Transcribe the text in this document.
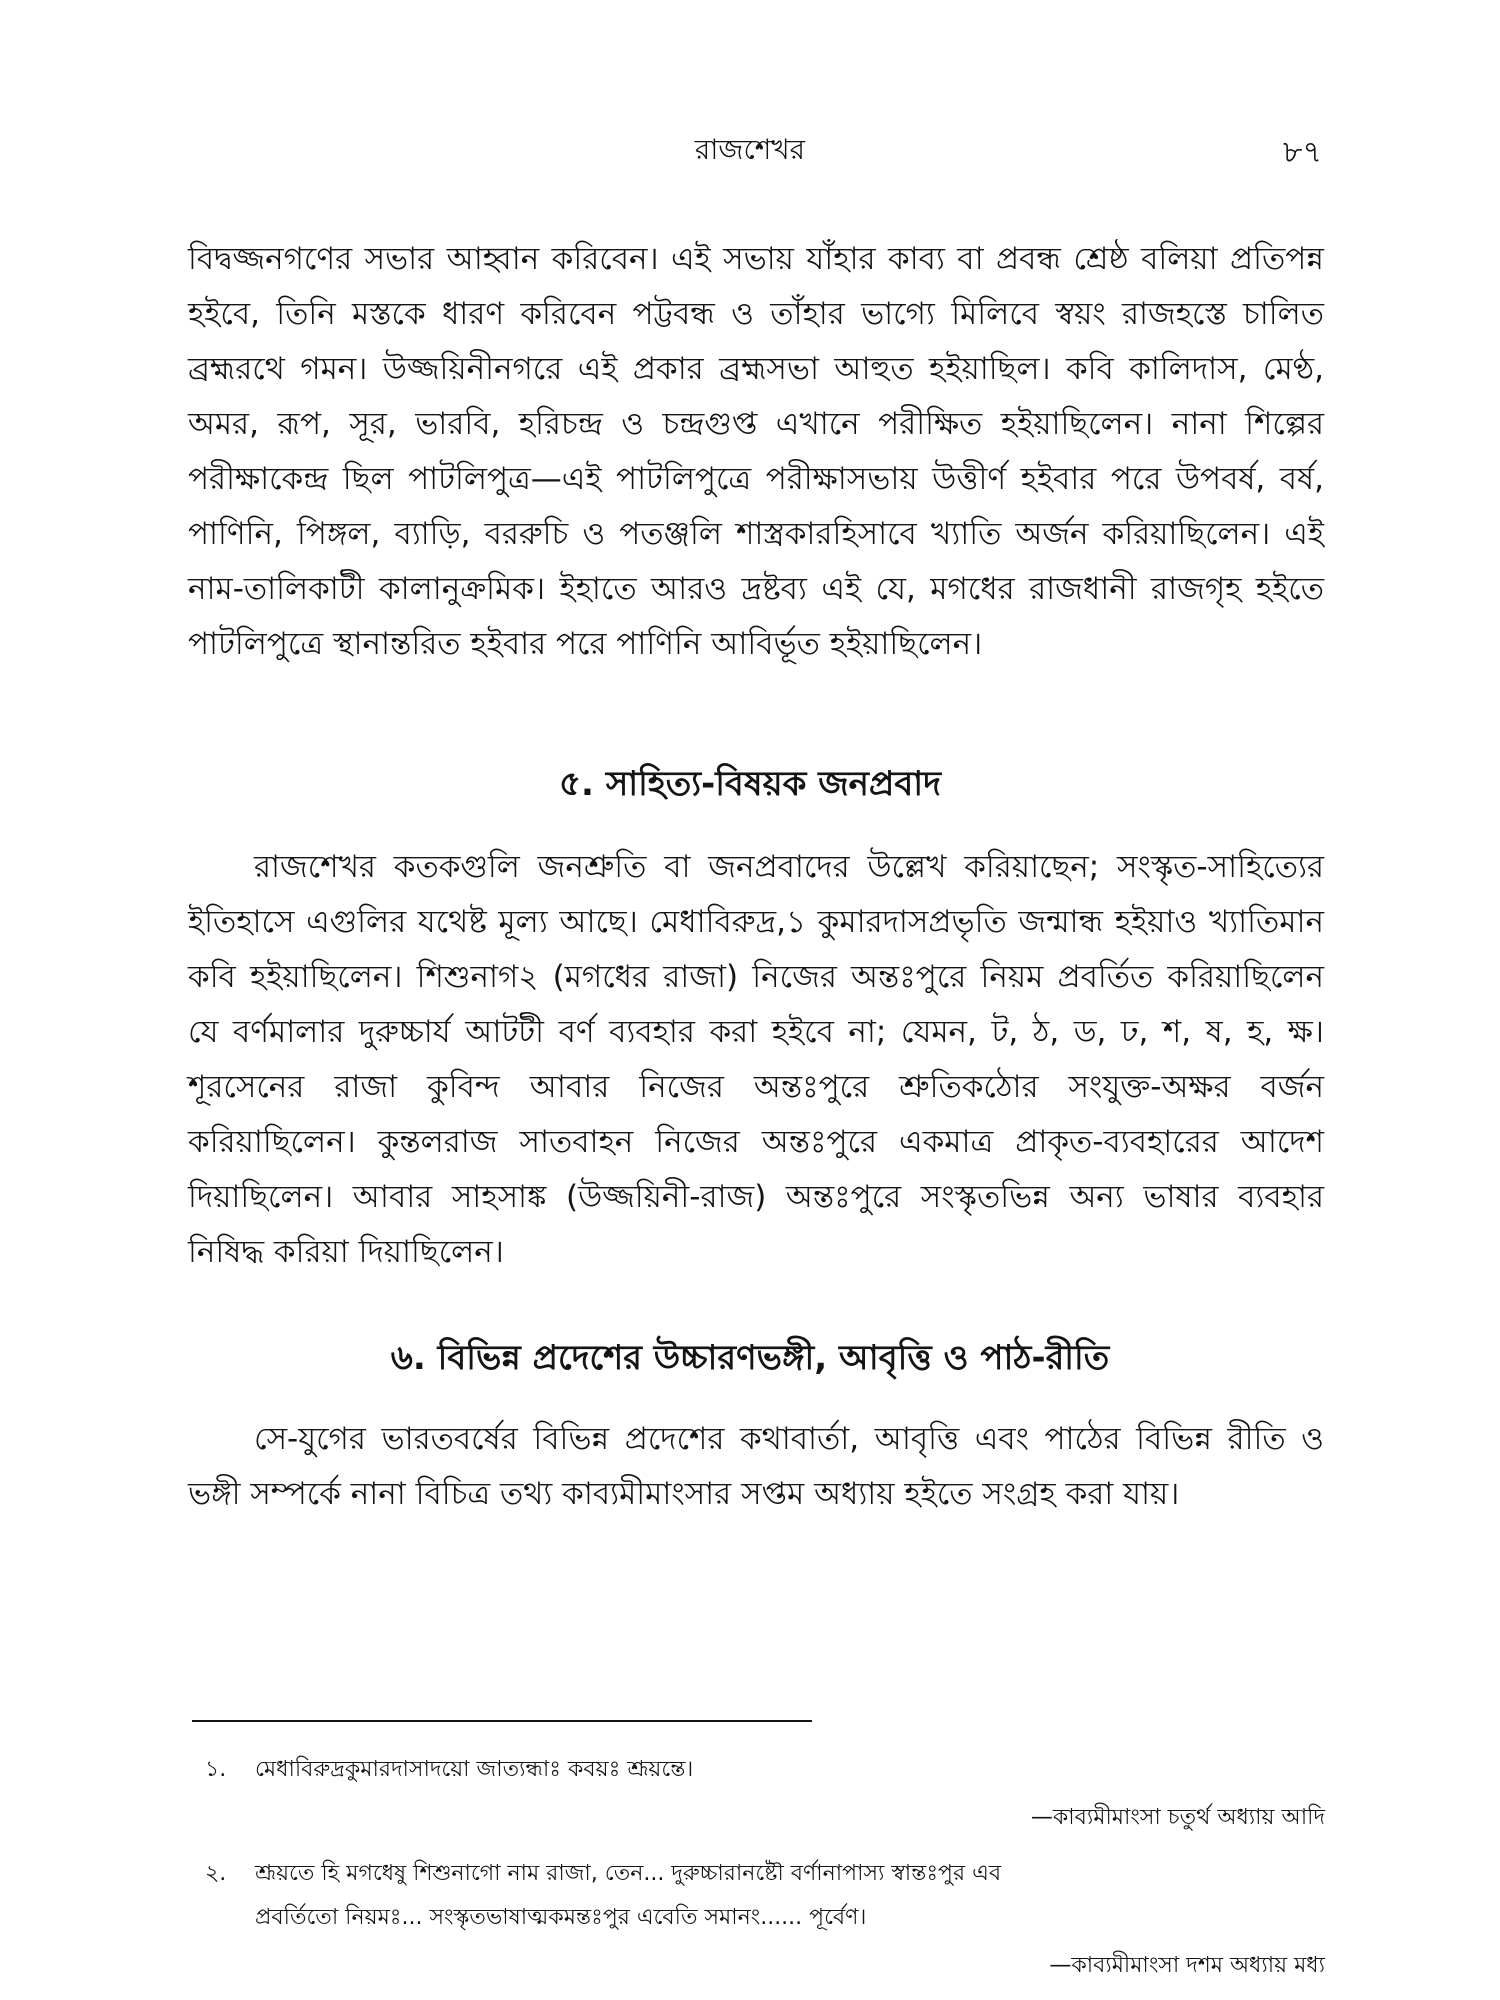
রাজশেখর	৮৭

বিদ্বজ্জনগণের সভার আহ্বান করিবেন। এই সভায় যাঁহার কাব্য বা প্রবন্ধ শ্রেষ্ঠ বলিয়া প্রতিপন্ন হইবে, তিনি মস্তকে ধারণ করিবেন পট্টবন্ধ ও তাঁহার ভাগ্যে মিলিবে স্বয়ং রাজহস্তে চালিত ব্রহ্মরথে গমন। উজ্জয়িনীনগরে এই প্রকার ব্রহ্মসভা আহুত হইয়াছিল। কবি কালিদাস, মেণ্ঠ, অমর, রূপ, সূর, ভারবি, হরিচন্দ্র ও চন্দ্রগুপ্ত এখানে পরীক্ষিত হইয়াছিলেন। নানা শিল্পের পরীক্ষাকেন্দ্র ছিল পাটলিপুত্র—এই পাটলিপুত্রে পরীক্ষাসভায় উত্তীর্ণ হইবার পরে উপবর্ষ, বর্ষ, পাণিনি, পিঙ্গল, ব্যাড়ি, বররুচি ও পতঞ্জলি শাস্ত্রকারহিসাবে খ্যাতি অর্জন করিয়াছিলেন। এই নাম-তালিকাটী কালানুক্রমিক। ইহাতে আরও দ্রষ্টব্য এই যে, মগধের রাজধানী রাজগৃহ হইতে পাটলিপুত্রে স্থানান্তরিত হইবার পরে পাণিনি আবির্ভূত হইয়াছিলেন।

৫. সাহিত্য-বিষয়ক জনপ্রবাদ

রাজশেখর কতকগুলি জনশ্রুতি বা জনপ্রবাদের উল্লেখ করিয়াছেন; সংস্কৃত-সাহিত্যের ইতিহাসে এগুলির যথেষ্ট মূল্য আছে। মেধাবিরুদ্র,১ কুমারদাসপ্রভৃতি জন্মান্ধ হইয়াও খ্যাতিমান কবি হইয়াছিলেন। শিশুনাগ২ (মগধের রাজা) নিজের অন্তঃপুরে নিয়ম প্রবর্তিত করিয়াছিলেন যে বর্ণমালার দুরুচ্চার্য আটটী বর্ণ ব্যবহার করা হইবে না; যেমন, ট, ঠ, ড, ঢ, শ, ষ, হ, ক্ষ। শূরসেনের রাজা কুবিন্দ আবার নিজের অন্তঃপুরে শ্রুতিকঠোর সংযুক্ত-অক্ষর বর্জন করিয়াছিলেন। কুন্তলরাজ সাতবাহন নিজের অন্তঃপুরে একমাত্র প্রাকৃত-ব্যবহারের আদেশ দিয়াছিলেন। আবার সাহসাঙ্ক (উজ্জয়িনী-রাজ) অন্তঃপুরে সংস্কৃতভিন্ন অন্য ভাষার ব্যবহার নিষিদ্ধ করিয়া দিয়াছিলেন।

৬. বিভিন্ন প্রদেশের উচ্চারণভঙ্গী, আবৃত্তি ও পাঠ-রীতি

সে-যুগের ভারতবর্ষের বিভিন্ন প্রদেশের কথাবার্তা, আবৃত্তি এবং পাঠের বিভিন্ন রীতি ও ভঙ্গী সম্পর্কে নানা বিচিত্র তথ্য কাব্যমীমাংসার সপ্তম অধ্যায় হইতে সংগ্রহ করা যায়।

১. মেধাবিরুদ্রকুমারদাসাদয়ো জাত্যন্ধাঃ কবয়ঃ শ্রূয়ন্তে।

—কাব্যমীমাংসা চতুর্থ অধ্যায় আদি

২. শ্রূয়তে হি মগধেষু শিশুনাগো নাম রাজা, তেন... দুরুচ্চারানষ্টৌ বর্ণানাপাস্য স্বান্তঃপুর এব

প্রবর্তিতো নিয়মঃ... সংস্কৃতভাষাত্মকমন্তঃপুর এবেতি সমানং...... পূর্বেণ।

—কাব্যমীমাংসা দশম অধ্যায় মধ্য
